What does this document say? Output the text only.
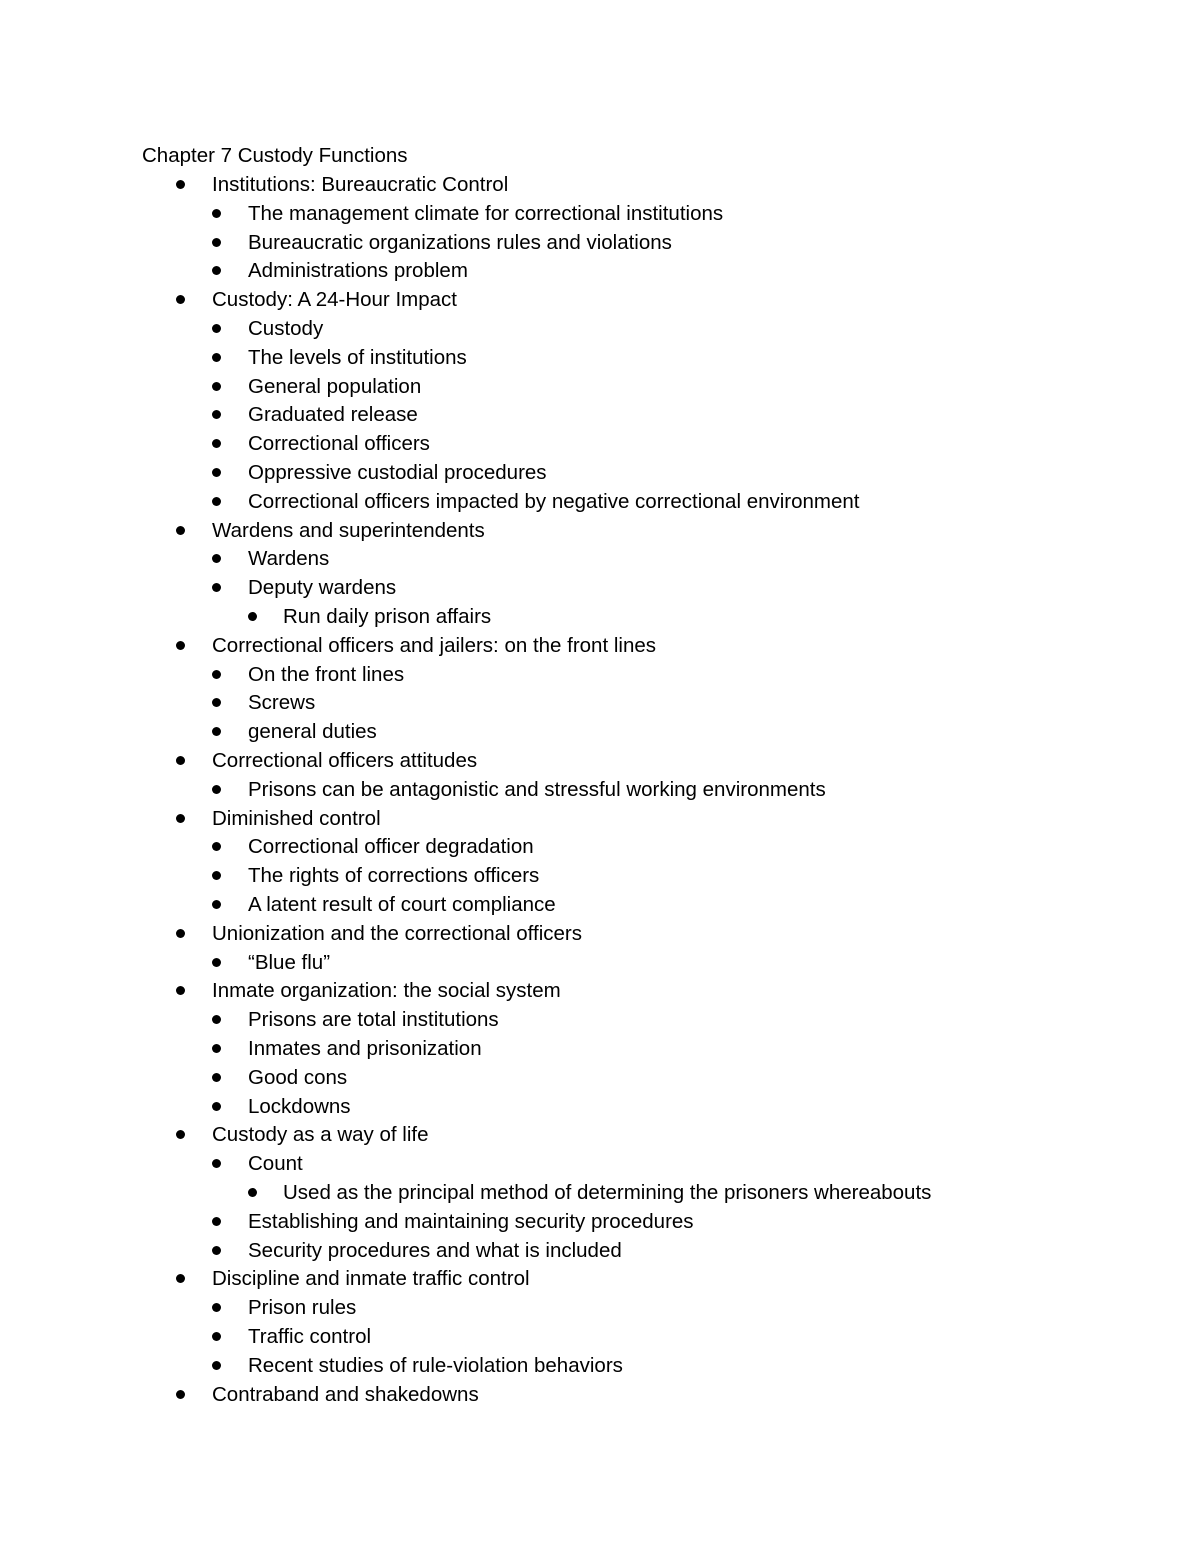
Chapter 7 Custody Functions
Institutions: Bureaucratic Control
The management climate for correctional institutions
Bureaucratic organizations rules and violations
Administrations problem
Custody: A 24-Hour Impact
Custody
The levels of institutions
General population
Graduated release
Correctional officers
Oppressive custodial procedures
Correctional officers impacted by negative correctional environment
Wardens and superintendents
Wardens
Deputy wardens
Run daily prison affairs
Correctional officers and jailers: on the front lines
On the front lines
Screws
general duties
Correctional officers attitudes
Prisons can be antagonistic and stressful working environments
Diminished control
Correctional officer degradation
The rights of corrections officers
A latent result of court compliance
Unionization and the correctional officers
“Blue flu”
Inmate organization: the social system
Prisons are total institutions
Inmates and prisonization
Good cons
Lockdowns
Custody as a way of life
Count
Used as the principal method of determining the prisoners whereabouts
Establishing and maintaining security procedures
Security procedures and what is included
Discipline and inmate traffic control
Prison rules
Traffic control
Recent studies of rule-violation behaviors
Contraband and shakedowns
